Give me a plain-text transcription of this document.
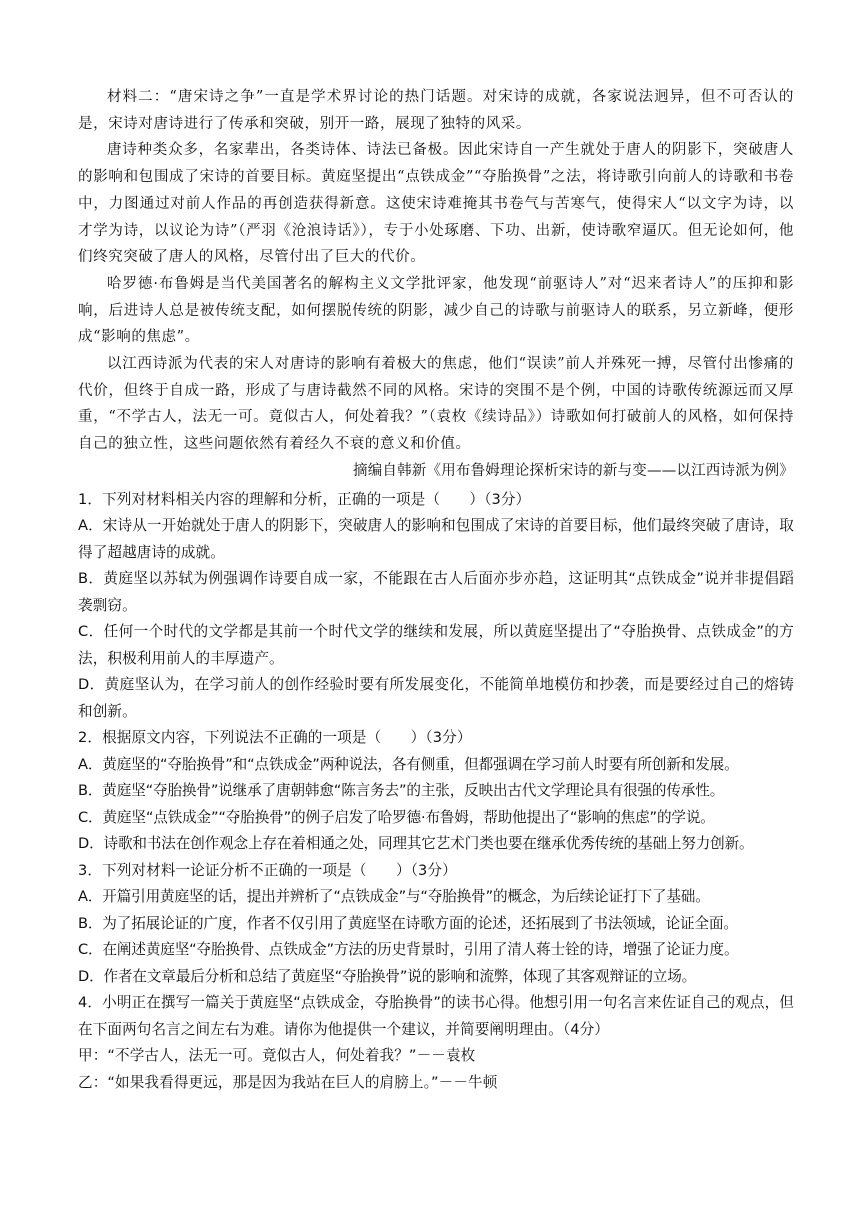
材料二：“唐宋诗之争”一直是学术界讨论的热门话题。对宋诗的成就，各家说法迥异，但不可否认的是，宋诗对唐诗进行了传承和突破，别开一路，展现了独特的风采。

唐诗种类众多，名家辈出，各类诗体、诗法已备极。因此宋诗自一产生就处于唐人的阴影下，突破唐人的影响和包围成了宋诗的首要目标。黄庭坚提出“点铁成金”“夺胎换骨”之法，将诗歌引向前人的诗歌和书卷中，力图通过对前人作品的再创造获得新意。这使宋诗难掩其书卷气与苦寒气，使得宋人“以文字为诗，以才学为诗，以议论为诗”（严羽《沧浪诗话》），专于小处琢磨、下功、出新，使诗歌窄逼仄。但无论如何，他们终究突破了唐人的风格，尽管付出了巨大的代价。

哈罗德·布鲁姆是当代美国著名的解构主义文学批评家，他发现“前驱诗人”对“迟来者诗人”的压抑和影响，后进诗人总是被传统支配，如何摆脱传统的阴影，减少自己的诗歌与前驱诗人的联系，另立新峰，便形成“影响的焦虑”。

以江西诗派为代表的宋人对唐诗的影响有着极大的焦虑，他们“误读”前人并殊死一搏，尽管付出惨痛的代价，但终于自成一路，形成了与唐诗截然不同的风格。宋诗的突围不是个例，中国的诗歌传统源远而又厚重，“不学古人，法无一可。竟似古人，何处着我？”（袁枚《续诗品》）诗歌如何打破前人的风格，如何保持自己的独立性，这些问题依然有着经久不衰的意义和价值。

摘编自韩新《用布鲁姆理论探析宋诗的新与变——以江西诗派为例》

1．下列对材料相关内容的理解和分析，正确的一项是（　　）（3分）

A．宋诗从一开始就处于唐人的阴影下，突破唐人的影响和包围成了宋诗的首要目标，他们最终突破了唐诗，取得了超越唐诗的成就。

B．黄庭坚以苏轼为例强调作诗要自成一家，不能跟在古人后面亦步亦趋，这证明其“点铁成金”说并非提倡蹈袭剽窃。

C．任何一个时代的文学都是其前一个时代文学的继续和发展，所以黄庭坚提出了“夺胎换骨、点铁成金”的方法，积极利用前人的丰厚遗产。

D．黄庭坚认为，在学习前人的创作经验时要有所发展变化，不能简单地模仿和抄袭，而是要经过自己的熔铸和创新。

2．根据原文内容，下列说法不正确的一项是（　　）（3分）

A．黄庭坚的“夺胎换骨”和“点铁成金”两种说法，各有侧重，但都强调在学习前人时要有所创新和发展。

B．黄庭坚“夺胎换骨”说继承了唐朝韩愈“陈言务去”的主张，反映出古代文学理论具有很强的传承性。

C．黄庭坚“点铁成金”“夺胎换骨”的例子启发了哈罗德·布鲁姆，帮助他提出了“影响的焦虑”的学说。

D．诗歌和书法在创作观念上存在着相通之处，同理其它艺术门类也要在继承优秀传统的基础上努力创新。

3．下列对材料一论证分析不正确的一项是（　　）（3分）

A．开篇引用黄庭坚的话，提出并辨析了“点铁成金”与“夺胎换骨”的概念，为后续论证打下了基础。

B．为了拓展论证的广度，作者不仅引用了黄庭坚在诗歌方面的论述，还拓展到了书法领域，论证全面。

C．在阐述黄庭坚“夺胎换骨、点铁成金”方法的历史背景时，引用了清人蒋士铨的诗，增强了论证力度。

D．作者在文章最后分析和总结了黄庭坚“夺胎换骨”说的影响和流弊，体现了其客观辩证的立场。

4．小明正在撰写一篇关于黄庭坚“点铁成金，夺胎换骨”的读书心得。他想引用一句名言来佐证自己的观点，但在下面两句名言之间左右为难。请你为他提供一个建议，并简要阐明理由。（4分）

甲：“不学古人，法无一可。竟似古人，何处着我？”－－袁枚

乙：“如果我看得更远，那是因为我站在巨人的肩膀上。”－－牛顿
